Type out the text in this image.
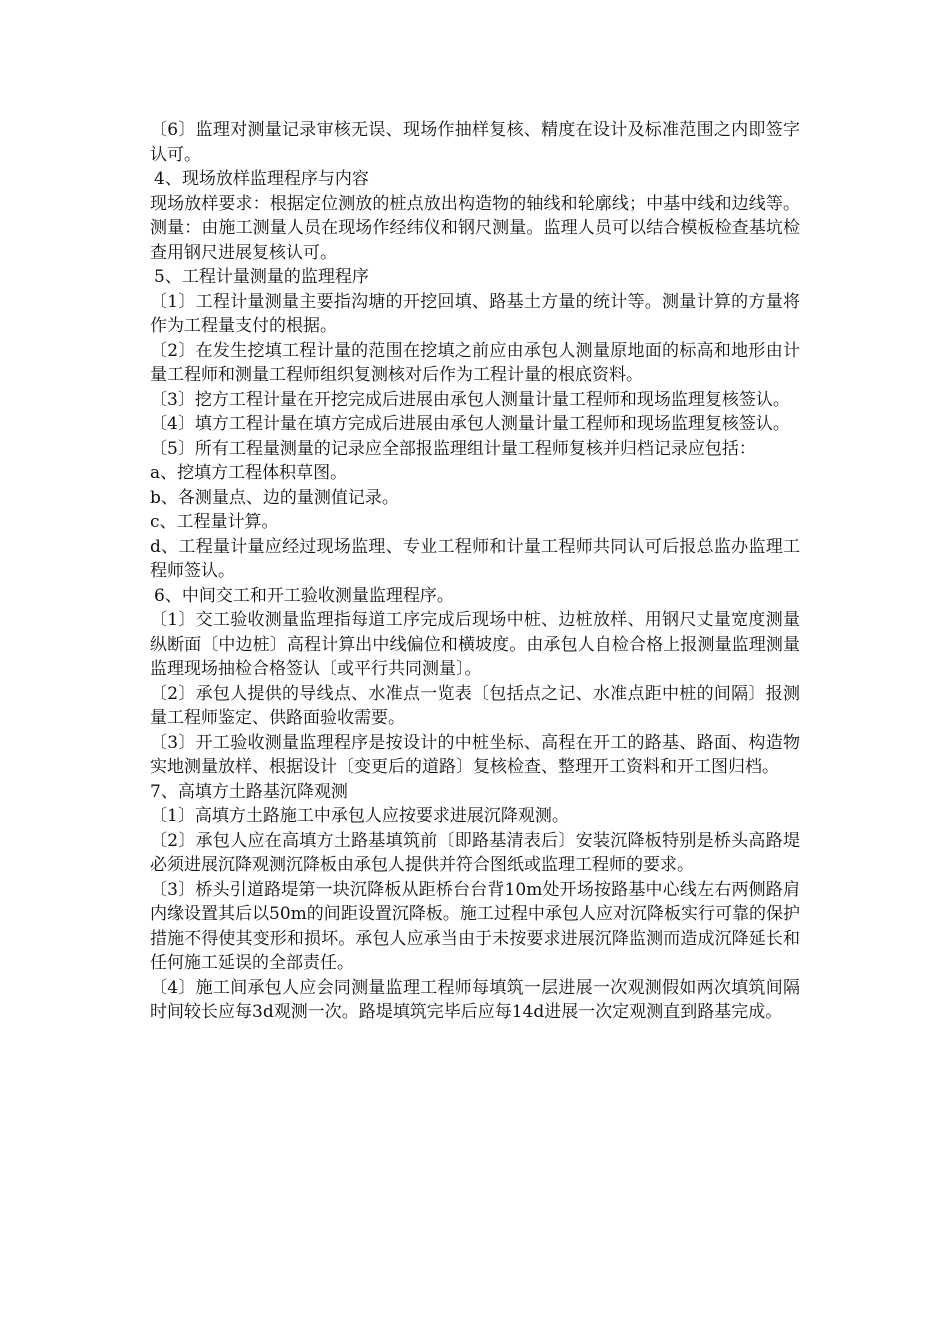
〔6〕监理对测量记录审核无误、现场作抽样复核、精度在设计及标准范围之内即签字认可。

4、现场放样监理程序与内容

现场放样要求：根据定位测放的桩点放出构造物的轴线和轮廓线；中基中线和边线等。测量：由施工测量人员在现场作经纬仪和钢尺测量。监理人员可以结合模板检查基坑检查用钢尺进展复核认可。

5、工程计量测量的监理程序

〔1〕工程计量测量主要指沟塘的开挖回填、路基土方量的统计等。测量计算的方量将作为工程量支付的根据。

〔2〕在发生挖填工程计量的范围在挖填之前应由承包人测量原地面的标高和地形由计量工程师和测量工程师组织复测核对后作为工程计量的根底资料。

〔3〕挖方工程计量在开挖完成后进展由承包人测量计量工程师和现场监理复核签认。

〔4〕填方工程计量在填方完成后进展由承包人测量计量工程师和现场监理复核签认。

〔5〕所有工程量测量的记录应全部报监理组计量工程师复核并归档记录应包括：

a、挖填方工程体积草图。

b、各测量点、边的量测值记录。

c、工程量计算。

d、工程量计量应经过现场监理、专业工程师和计量工程师共同认可后报总监办监理工程师签认。

6、中间交工和开工验收测量监理程序。

〔1〕交工验收测量监理指每道工序完成后现场中桩、边桩放样、用钢尺丈量宽度测量纵断面〔中边桩〕高程计算出中线偏位和横坡度。由承包人自检合格上报测量监理测量监理现场抽检合格签认〔或平行共同测量〕。

〔2〕承包人提供的导线点、水准点一览表〔包括点之记、水准点距中桩的间隔〕报测量工程师鉴定、供路面验收需要。

〔3〕开工验收测量监理程序是按设计的中桩坐标、高程在开工的路基、路面、构造物实地测量放样、根据设计〔变更后的道路〕复核检查、整理开工资料和开工图归档。

7、高填方土路基沉降观测

〔1〕高填方土路施工中承包人应按要求进展沉降观测。

〔2〕承包人应在高填方土路基填筑前〔即路基清表后〕安装沉降板特别是桥头高路堤必须进展沉降观测沉降板由承包人提供并符合图纸或监理工程师的要求。

〔3〕桥头引道路堤第一块沉降板从距桥台台背10m处开场按路基中心线左右两侧路肩内缘设置其后以50m的间距设置沉降板。施工过程中承包人应对沉降板实行可靠的保护措施不得使其变形和损坏。承包人应承当由于未按要求进展沉降监测而造成沉降延长和任何施工延误的全部责任。

〔4〕施工间承包人应会同测量监理工程师每填筑一层进展一次观测假如两次填筑间隔时间较长应每3d观测一次。路堤填筑完毕后应每14d进展一次定观测直到路基完成。
